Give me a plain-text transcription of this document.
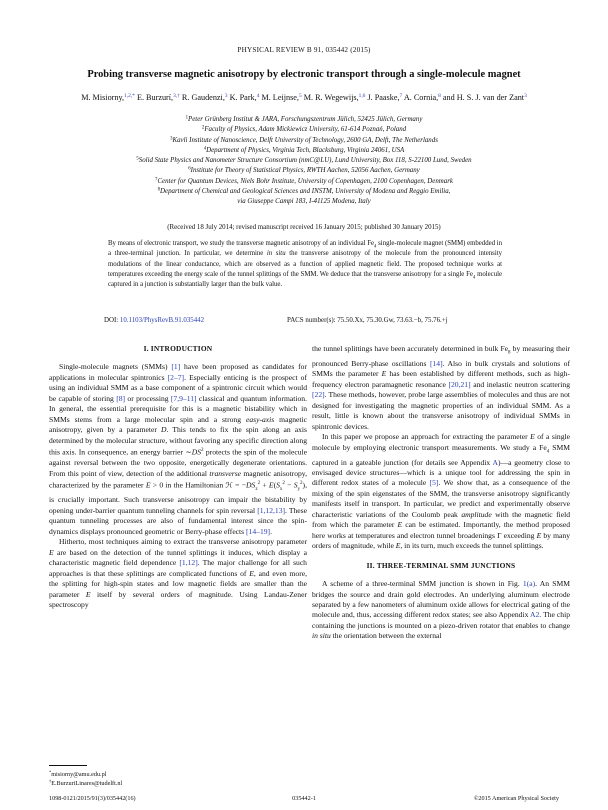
PHYSICAL REVIEW B 91, 035442 (2015)
Probing transverse magnetic anisotropy by electronic transport through a single-molecule magnet
M. Misiorny,$^{1,2,*}$ E. Burzurí,$^{3,\dagger}$ R. Gaudenzi,$^3$ K. Park,$^4$ M. Leijnse,$^5$ M. R. Wegewijs,$^{1,6}$ J. Paaske,$^7$ A. Cornia,$^8$ and H. S. J. van der Zant$^3$
$^1$Peter Grünberg Institut & JARA, Forschungszentrum Jülich, 52425 Jülich, Germany
$^2$Faculty of Physics, Adam Mickiewicz University, 61-614 Poznań, Poland
$^3$Kavli Institute of Nanoscience, Delft University of Technology, 2600 GA, Delft, The Netherlands
$^4$Department of Physics, Virginia Tech, Blacksburg, Virginia 24061, USA
$^5$Solid State Physics and Nanometer Structure Consortium (nmC@LU), Lund University, Box 118, S-22100 Lund, Sweden
$^6$Institute for Theory of Statistical Physics, RWTH Aachen, 52056 Aachen, Germany
$^7$Center for Quantum Devices, Niels Bohr Institute, University of Copenhagen, 2100 Copenhagen, Denmark
$^8$Department of Chemical and Geological Sciences and INSTM, University of Modena and Reggio Emilia,
via Giuseppe Campi 183, I-41125 Modena, Italy
(Received 18 July 2014; revised manuscript received 16 January 2015; published 30 January 2015)
By means of electronic transport, we study the transverse magnetic anisotropy of an individual $Fe_4$ single-molecule magnet (SMM) embedded in a three-terminal junction. In particular, we determine in situ the transverse anisotropy of the molecule from the pronounced intensity modulations of the linear conductance, which are observed as a function of applied magnetic field. The proposed technique works at temperatures exceeding the energy scale of the tunnel splittings of the SMM. We deduce that the transverse anisotropy for a single $Fe_4$ molecule captured in a junction is substantially larger than the bulk value.
DOI: 10.1103/PhysRevB.91.035442	PACS number(s): 75.50.Xx, 75.30.Gw, 73.63.−b, 75.76.+j
I. INTRODUCTION

Single-molecule magnets (SMMs) [1] have been proposed as candidates for applications in molecular spintronics [2–7]. Especially enticing is the prospect of using an individual SMM as a base component of a spintronic circuit which would be capable of storing [8] or processing [7,9–11] classical and quantum information. In general, the essential prerequisite for this is a magnetic bistability which in SMMs stems from a large molecular spin and a strong easy-axis magnetic anisotropy, given by a parameter D. This tends to fix the spin along an axis determined by the molecular structure, without favoring any specific direction along this axis. In consequence, an energy barrier $\sim DS^2$ protects the spin of the molecule against reversal between the two opposite, energetically degenerate orientations. From this point of view, detection of the additional transverse magnetic anisotropy, characterized by the parameter E > 0 in the Hamiltonian ℋ = $-DS_z^2 + E(S_x^2 - S_y^2)$, is crucially important. Such transverse anisotropy can impair the bistability by opening under-barrier quantum tunneling channels for spin reversal [1,12,13]. These quantum tunneling processes are also of fundamental interest since the spin-dynamics displays pronounced geometric or Berry-phase effects [14–19].

Hitherto, most techniques aiming to extract the transverse anisotropy parameter E are based on the detection of the tunnel splittings it induces, which display a characteristic magnetic field dependence [1,12]. The major challenge for all such approaches is that these splittings are complicated functions of E, and even more, the splitting for high-spin states and low magnetic fields are smaller than the parameter E itself by several orders of magnitude. Using Landau-Zener spectroscopy

the tunnel splittings have been accurately determined in bulk $Fe_8$ by measuring their pronounced Berry-phase oscillations [14]. Also in bulk crystals and solutions of SMMs the parameter E has been established by different methods, such as high-frequency electron paramagnetic resonance [20,21] and inelastic neutron scattering [22]. These methods, however, probe large assemblies of molecules and thus are not designed for investigating the magnetic properties of an individual SMM. As a result, little is known about the transverse anisotropy of individual SMMs in spintronic devices.

In this paper we propose an approach for extracting the parameter E of a single molecule by employing electronic transport measurements. We study a $Fe_4$ SMM captured in a gateable junction (for details see Appendix A)—a geometry close to envisaged device structures—which is a unique tool for addressing the spin in different redox states of a molecule [5]. We show that, as a consequence of the mixing of the spin eigenstates of the SMM, the transverse anisotropy significantly manifests itself in transport. In particular, we predict and experimentally observe characteristic variations of the Coulomb peak amplitude with the magnetic field from which the parameter E can be estimated. Importantly, the method proposed here works at temperatures and electron tunnel broadenings Γ exceeding E by many orders of magnitude, while E, in its turn, much exceeds the tunnel splittings.

II. THREE-TERMINAL SMM JUNCTIONS

A scheme of a three-terminal SMM junction is shown in Fig. 1(a). An SMM bridges the source and drain gold electrodes. An underlying aluminum electrode separated by a few nanometers of aluminum oxide allows for electrical gating of the molecule and, thus, accessing different redox states; see also Appendix A2. The chip containing the junctions is mounted on a piezo-driven rotator that enables to change in situ the orientation between the external

*misiorny@amu.edu.pl
†E.BurzuriLinares@tudelft.nl
1098-0121/2015/91(3)/035442(16)	035442-1	©2015 American Physical Society
